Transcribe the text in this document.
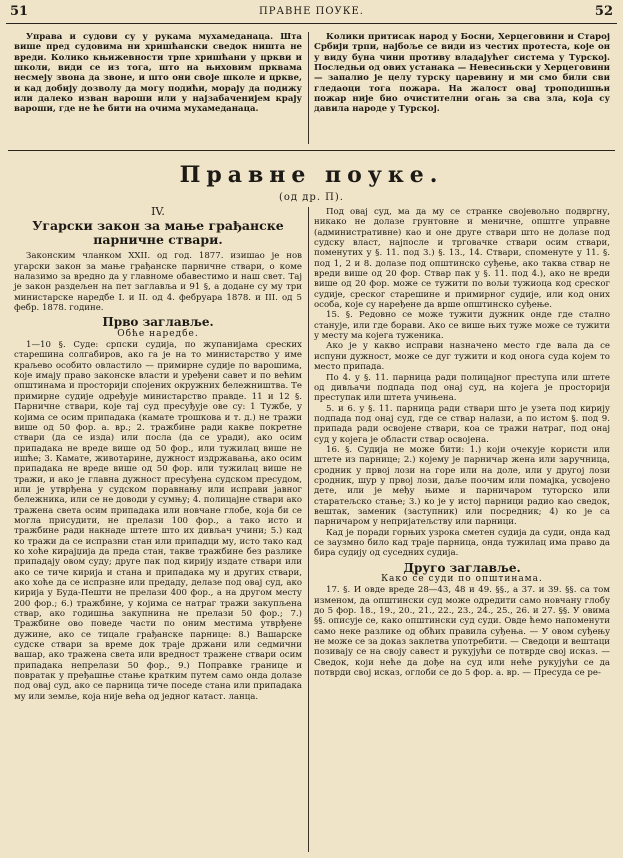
51	ПРАВНЕ ПОУКЕ.	52

Управа и судови су у рукама мухамеданаца. Шта више пред судовима ни хришћански сведок ништа не вреди. Колико књижевности трпе хришћани у цркви и школи, види се из тога, што на њиховим прквама несмеју звона да звоне, и што они своје школе и цркве, и кад добију дозволу да могу подићи, морају да подижу или далеко изван вароши или у најзабаченијем крају вароши, где не ће бити на очима мухамеданаца.

Колики притисак народ у Босни, Херцеговини и Старој Србији трпи, најбоље се види из честих протеста, које он у виду буна чини противу владајућег система у Турској. Последњи од ових устанака — Невесињски у Херцеговини — запалио је целу турску царевину и ми смо били сви гледаоци тога пожара. На жалост овај троподишњи пожар није био очистителни огањ за сва зла, која су давила народе у Турској.

Правне поуке.
(од др. П).
IV.
Угарски закон за мање грађанске парничне ствари.

Законским чланком XXII. од год. 1877. изишао је нов угарски закон за мање грађанске парничне ствари, о коме налазимо за вредно да у главноме обавестимо и наш свет. Тај је закон раздељен на пет заглавља и 91 §, а додане су му три министарске наредбе I. и II. од 4. фебруара 1878. и III. од 5 фебр. 1878. године.

Прво заглавље.
Обће наредбе.

1—10 §. Суде: српски судија, по жупанијама среских старешина солгабиров, ако га је на то министарство у име краљево особито овластило — примирне судије по варошима, које имају право законске власти и уређени савет и по већим општинама и просторији спојених окружних бележништва. Те примирне судије одређује министарство правде. 11 и 12 §. Парничне ствари, које тај суд пресуђује ове су: 1 Тужбе, у којима се осим припадака (камате трошкова и т. д.) не тражи више од 50 фор. а. вр.; 2. тражбине ради какве покретне ствари (да се изда) или посла (да се уради), ако осим припадака не вреде више од 50 фор., или тужилац више не ишће; 3. Камате, животарине, дужност издржавања, ако осим припадака не вреде више од 50 фор. или тужилац више не тражи, и ако је главна дужност пресуђена судском пресудом, или је утврђена у судском поравнању или исправи јавног бележника, или се не доводи у сумњу; 4. полицајне ствари ако тражена света осим припадака или новчане глобе, која би се могла присудити, не прелази 100 фор., а тако исто и тражбине ради накнаде штете што их дивљач учини; 5.) кад ко тражи да се испразни стан или припадци му, исто тако кад ко хоће кирајџија да преда стан, такве тражбине без разлике припадају овом суду; друге пак под кирију издате ствари или ако се тиче кирија и стана и припадака му и других ствари, ако хоће да се испразне или предаду, делазе под овај суд, ако кирија у Буда-Пешти не прелази 400 фор., а на другом месту 200 фор.; 6.) тражбине, у којима се натраг тражи закупљена ствар, ако годишња закупнина не прелази 50 фор.; 7.) Тражбине ово поведе части по оним местима утврђене дужине, ако се тицале грађанске парнице: 8.) Вашарске судске ствари за време док траје држани или седмични вашар, ако тражена света или вредност тражене ствари осим припадака непрелази 50 фор., 9.) Поправке границе и повратак у пређашње стање кратким путем само онда долазе под овај суд, ако се парница тиче поседе стана или припадака му или земље, која није већа од једног катаст. ланца.

Под овај суд, ма да му се странке својевољно подвргну, никако не долазе грунтовне и меничне, општге управне (административне) као и оне друге ствари што не долазе под судску власт, најпосле и трговачке ствари осим ствари, поменутих у §. 11. под 3.) §. 13., 14. Ствари, споменуте у 11. §. под 1, 2 и 8. долазе под општинско суђење, ако таква ствар не вреди више од 20 фор. Ствар пак у §. 11. под 4.), ако не вреди више од 20 фор. може се тужити по вољи тужиоца код среског судије, среског старешине и примирног судије, или код оних особа, које су наређене да врше општинско суђење.

15. §. Редовно се може тужити дужник онде где стално станује, или где борави. Ако се више њих туже може се тужити у месту ма којега туженика.

Ако је у какво исправи назначено место где вала да се испуни дужност, може се дуг тужити и код онога суда којем то место припада.

По 4. у §. 11. парница ради полицајног преступа или штете од дивљачи подпада под онај суд, на којега је просторији преступак или штета учињена.

5. и 6. у §. 11. парница ради ствари што је узета под кирију подпада под онај суд, где се ствар налази, а по истом §. под 9. припада ради освојене ствари, коа се тражи натраг, под онај суд у којега је области ствар освојена.

16. §. Судија не може бити: 1.) који очекује користи или штете из парнице; 2.) којему је парничар жена или заручница, сродник у првој лози на горе или на доле, или у другој лози сродник, шур у првој лози, даље поочим или помајка, усвојено дете, или је међу њиме и парничаром туторско или старатељско стање; 3.) ко је у истој парници радио као сведок, вештак, заменик (заступник) или посредник; 4) ко је са парничаром у непријатељству или парници.

Кад је поради горњих узрока сметен судија да суди, онда кад се заузмно било кад траје парница, онда тужилац има право да бира судију од суседних судија.

Друго заглавље.
Како се суди по општинама.

17. §. И овде вреде 28—43, 48 и 49. §§., а 37. и 39. §§. са том изменом, да општински суд може одредити само новчану глобу до 5 фор. 18., 19., 20., 21., 22., 23., 24., 25., 26. и 27. §§. У овима §§. описује се, како општински суд суди. Овде ћемо напоменути само неке разлике од обћих правила суђења. — У овом суђењу не може се за доказ заклетва употребити. — Сведоци и вештаци позивају се на своју савест и рукујући се потврде свој исказ. — Сведок, који неће да дође на суд или неће рукујући се да потврди свој исказ, оглоби се до 5 фор. а. вр. — Пресуда се ре-
